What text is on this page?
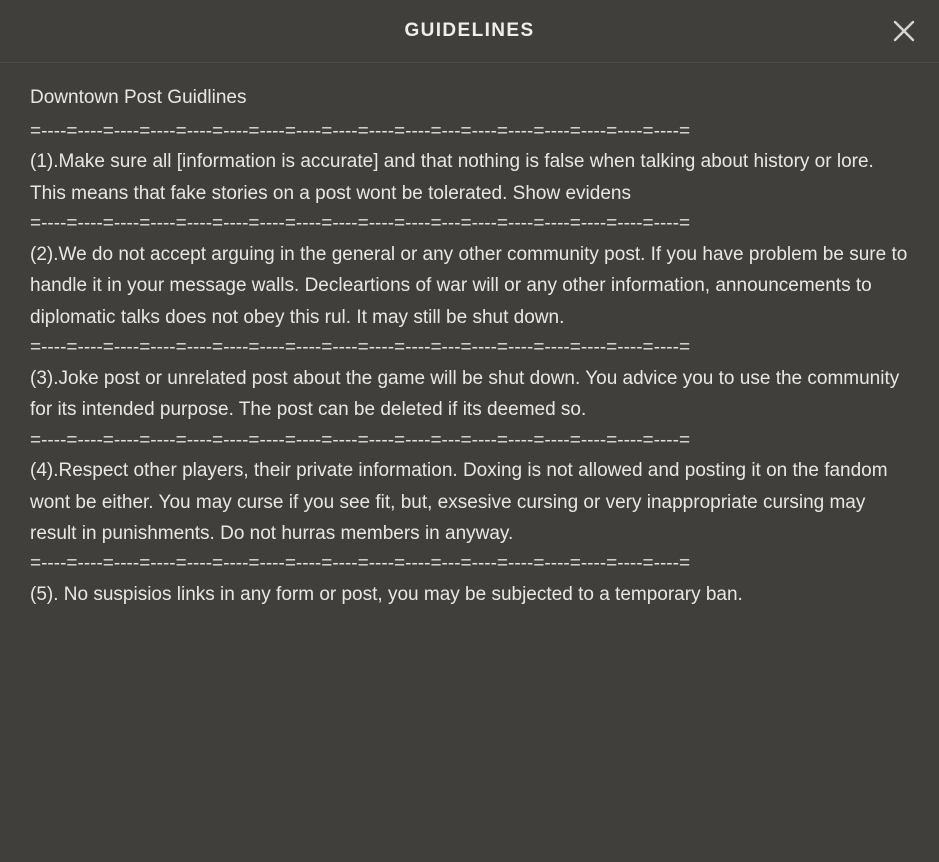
GUIDELINES
Downtown Post Guidlines
=----=----=----=----=----=----=----=----=----=----=----=---=----=----=----=----=----=----=

(1).Make sure all [information is accurate] and that nothing is false when talking about history or lore. This means that fake stories on a post wont be tolerated. Show evidens

=----=----=----=----=----=----=----=----=----=----=----=---=----=----=----=----=----=----=

(2).We do not accept arguing in the general or any other community post. If you have problem be sure to handle it in your message walls. Decleartions of war will or any other information, announcements to diplomatic talks does not obey this rul. It may still be shut down.

=----=----=----=----=----=----=----=----=----=----=----=---=----=----=----=----=----=----=

(3).Joke post or unrelated post about the game will be shut down. You advice you to use the community for its intended purpose. The post can be deleted if its deemed so.

=----=----=----=----=----=----=----=----=----=----=----=---=----=----=----=----=----=----=

(4).Respect other players, their private information. Doxing is not allowed and posting it on the fandom wont be either. You may curse if you see fit, but, exsesive cursing or very inappropriate cursing may result in punishments. Do not hurras members in anyway.

=----=----=----=----=----=----=----=----=----=----=----=---=----=----=----=----=----=----=

(5). No suspisios links in any form or post, you may be subjected to a temporary ban.
